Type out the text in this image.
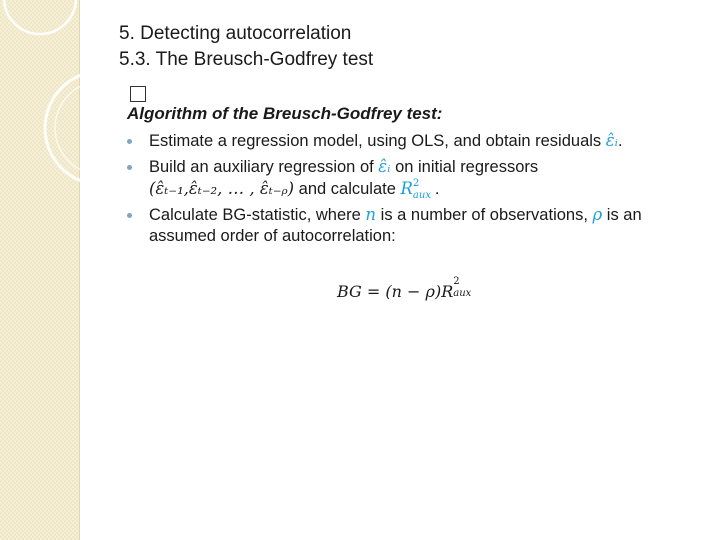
5. Detecting autocorrelation
5.3. The Breusch-Godfrey test
Algorithm of the Breusch-Godfrey test:
Estimate a regression model, using OLS, and obtain residuals ε̂ᵢ.
Build an auxiliary regression of ε̂ᵢ on initial regressors
(ε̂ₜ₋₁,ε̂ₜ₋₂, … , ε̂ₜ₋ᵨ) and calculate R 2
aux .
Calculate BG-statistic, where n is a number of observations, ρ is an assumed order of autocorrelation:
BG = (n − ρ)R
2
aux
